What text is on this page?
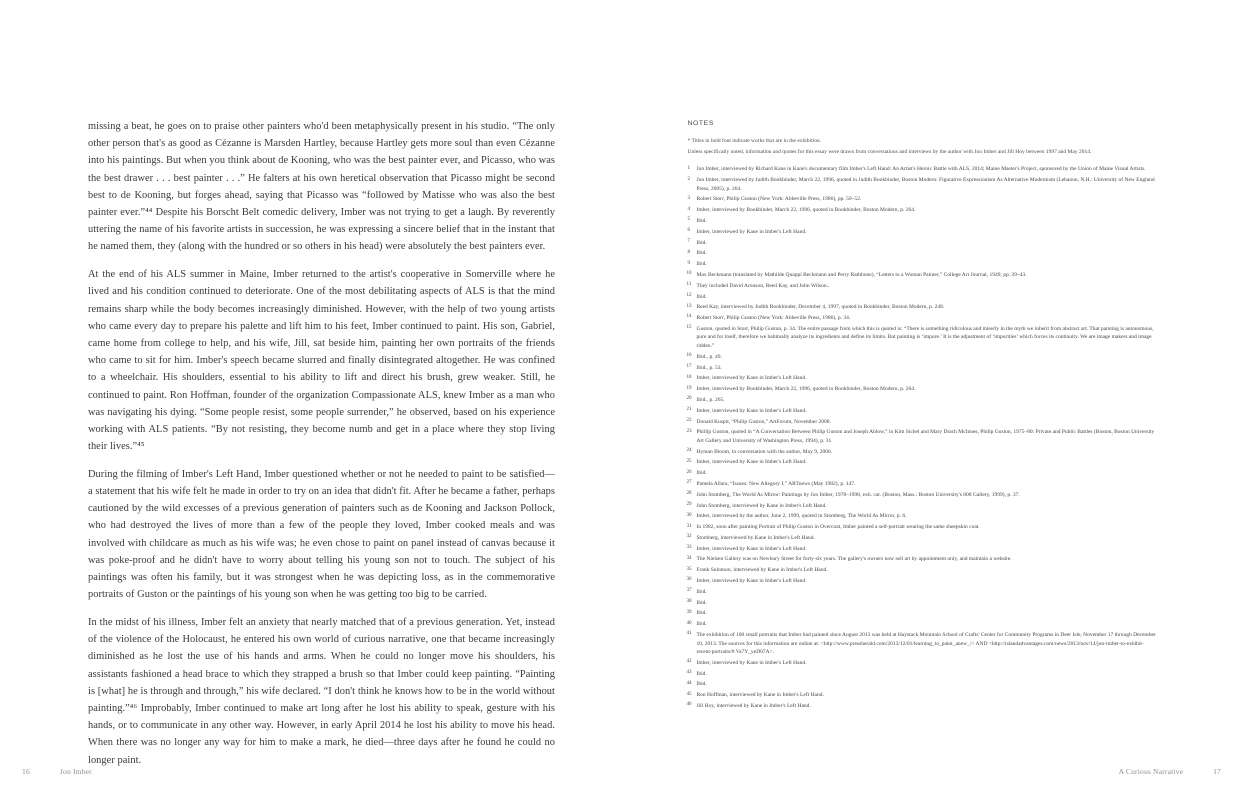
missing a beat, he goes on to praise other painters who'd been metaphysically present in his studio. “The only other person that's as good as Cézanne is Marsden Hartley, because Hartley gets more soul than even Cézanne into his paintings. But when you think about de Kooning, who was the best painter ever, and Picasso, who was the best drawer . . . best painter . . .” He falters at his own heretical observation that Picasso might be second best to de Kooning, but forges ahead, saying that Picasso was “followed by Matisse who was also the best painter ever.”⁴⁴ Despite his Borscht Belt comedic delivery, Imber was not trying to get a laugh. By reverently uttering the name of his favorite artists in succession, he was expressing a sincere belief that in the instant that he named them, they (along with the hundred or so others in his head) were absolutely the best painters ever.

At the end of his ALS summer in Maine, Imber returned to the artist's cooperative in Somerville where he lived and his condition continued to deteriorate. One of the most debilitating aspects of ALS is that the mind remains sharp while the body becomes increasingly diminished. However, with the help of two young artists who came every day to prepare his palette and lift him to his feet, Imber continued to paint. His son, Gabriel, came home from college to help, and his wife, Jill, sat beside him, painting her own portraits of the friends who came to sit for him. Imber's speech became slurred and finally disintegrated altogether. He was confined to a wheelchair. His shoulders, essential to his ability to lift and direct his brush, grew weaker. Still, he continued to paint. Ron Hoffman, founder of the organization Compassionate ALS, knew Imber as a man who was navigating his dying. “Some people resist, some people surrender,” he observed, based on his experience working with ALS patients. “By not resisting, they become numb and get in a place where they stop living their lives.”⁴⁵

During the filming of Imber's Left Hand, Imber questioned whether or not he needed to paint to be satisfied—a statement that his wife felt he made in order to try on an idea that didn't fit. After he became a father, perhaps cautioned by the wild excesses of a previous generation of painters such as de Kooning and Jackson Pollock, who had destroyed the lives of more than a few of the people they loved, Imber cooked meals and was involved with childcare as much as his wife was; he even chose to paint on panel instead of canvas because it was poke-proof and he didn't have to worry about telling his young son not to touch. The subject of his paintings was often his family, but it was strongest when he was depicting loss, as in the commemorative portraits of Guston or the paintings of his young son when he was getting too big to be carried.

In the midst of his illness, Imber felt an anxiety that nearly matched that of a previous generation. Yet, instead of the violence of the Holocaust, he entered his own world of curious narrative, one that became increasingly diminished as he lost the use of his hands and arms. When he could no longer move his shoulders, his assistants fashioned a head brace to which they strapped a brush so that Imber could keep painting. “Painting is [what] he is through and through,” his wife declared. “I don't think he knows how to be in the world without painting.”⁴⁶ Improbably, Imber continued to make art long after he lost his ability to speak, gesture with his hands, or to communicate in any other way. However, in early April 2014 he lost his ability to move his head. When there was no longer any way for him to make a mark, he died—three days after he found he could no longer paint.

16	Jon Imber
NOTES

* Titles in bold font indicate works that are in the exhibition.

Unless specifically noted, information and quotes for this essay were drawn from conversations and interviews by the author with Jon Imber and Jill Hoy between 1997 and May 2014.

1 Jon Imber, interviewed by Richard Kane in Kane's documentary film Imber's Left Hand: An Artist's Heroic Battle with ALS, 2014; Maine Master's Project, sponsored by the Union of Maine Visual Artists.
2 Jon Imber, interviewed by Judith Bookbinder, March 22, 1996, quoted in Judith Bookbinder, Boston Modern: Figurative Expressionism As Alternative Modernism (Lebanon, N.H.: University of New England Press, 2005), p. 264.
3 Robert Storr, Philip Guston (New York: Abbeville Press, 1986), pp. 50–52.
4 Imber, interviewed by Bookbinder, March 22, 1996, quoted in Bookbinder, Boston Modern, p. 264.
5 Ibid.
6 Imber, interviewed by Kane in Imber's Left Hand.
7 Ibid.
8 Ibid.
9 Ibid.
10 Max Beckmann (translated by Mathilde Quappi Beckmann and Perry Rathbone), “Letters to a Woman Painter,” College Art Journal, 1949, pp. 39–43.
11 They included David Aronson, Reed Kay, and John Wilson..
12 Ibid.
13 Reed Kay, interviewed by Judith Bookbinder, December 4, 1997, quoted in Bookbinder, Boston Modern, p. 248.
14 Robert Storr, Philip Guston (New York: Abbeville Press, 1986), p. 34.
15 Guston, quoted in Storr, Philip Guston, p. 34. The entire passage from which this is quoted is: “There is something ridiculous and miserly in the myth we inherit from abstract art. That painting is autonomous, pure and for itself, therefore we habitually analyze its ingredients and define its limits. But painting is ‘impure.’ It is the adjustment of ‘impurities’ which forces its continuity. We are image makers and image ridden.”
16 Ibid., p. 49.
17 Ibid., p. 53.
18 Imber, interviewed by Kane in Imber's Left Hand.
19 Imber, interviewed by Bookbinder, March 22, 1996, quoted in Bookbinder, Boston Modern, p. 264.
20 Ibid., p. 265.
21 Imber, interviewed by Kane in Imber's Left Hand.
22 Donald Kuspit, “Philip Guston,” ArtForum, November 2008.
23 Phillip Guston, quoted in “A Conversation Between Philip Guston and Joseph Ablow,” in Kim Sichel and Mary Drach McInnes, Philip Guston, 1975–80: Private and Public Battles (Boston, Boston University Art Gallery and University of Washington Press, 1994), p. 31.
24 Hyman Bloom, in conversation with the author, May 9, 2006.
25 Imber, interviewed by Kane in Imber's Left Hand.
26 Ibid.
27 Pamela Allara, “Issues: New Allegory I,” ARTnews (May 1982), p. 147.
28 John Stomberg, The World As Mirror: Paintings by Jon Imber, 1978–1998, exh. cat. (Boston, Mass.: Boston University's 808 Gallery, 1999), p. 37.
29 John Stomberg, interviewed by Kane in Imber's Left Hand.
30 Imber, interviewed by the author, June 2, 1999, quoted in Stomberg, The World As Mirror, p. 6.
31 In 1982, soon after painting Portrait of Philip Guston in Overcoat, Imber painted a self-portrait wearing the same sheepskin coat.
32 Stomberg, interviewed by Kane in Imber's Left Hand.
33 Imber, interviewed by Kane in Imber's Left Hand.
34 The Nielsen Gallery was on Newbury Street for forty-six years. The gallery's owners now sell art by appointment only, and maintain a website.
35 Frank Solomon, interviewed by Kane in Imber's Left Hand.
36 Imber, interviewed by Kane in Imber's Left Hand.
37 Ibid.
38 Ibid.
39 Ibid.
40 Ibid.
41 The exhibition of 100 small portraits that Imber had painted since August 2013 was held at Haystack Mountain School of Crafts' Center for Community Programs in Deer Isle, November 17 through December 10, 2013. The sources for this information are online at: <http://www.pressherald.com/2013/12/01/learning_to_paint_anew_/> AND <http://islandadvantages.com/news/2013/nov/14/jon-imber-to-exhibit-recent-portraits/#.Va7Y_yeD07A>.
42 Imber, interviewed by Kane in Imber's Left Hand.
43 Ibid.
44 Ibid.
45 Ron Hoffman, interviewed by Kane in Imber's Left Hand.
46 Jill Hoy, interviewed by Kane in Imber's Left Hand.
A Curious Narrative	17
